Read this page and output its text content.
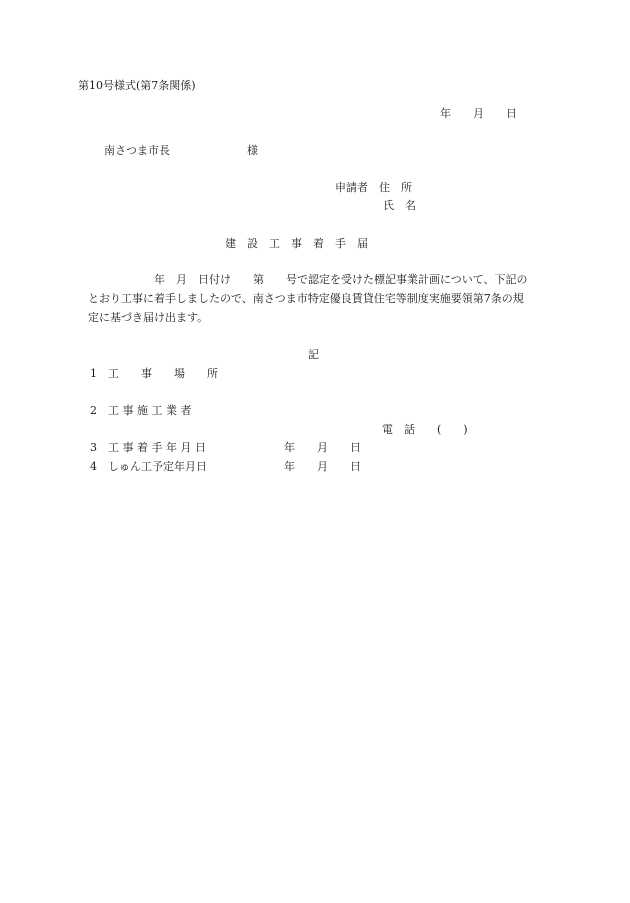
第10号様式(第7条関係)
年　　月　　日
南さつま市長　　　　　　　様
申請者　住　所
氏　名
建　設　工　事　着　手　届
　　　　　　年　月　日付け　　第　　号で認定を受けた標記事業計画について、下記の
とおり工事に着手しましたので、南さつま市特定優良賃貸住宅等制度実施要領第7条の規
定に基づき届け出ます。
記
1　工　　事　　場　　所
2　工 事 施 工 業 者
電　話　　(　　)
3　工 事 着 手 年 月 日	年　　月　　日
4　しゅん工予定年月日	年　　月　　日
